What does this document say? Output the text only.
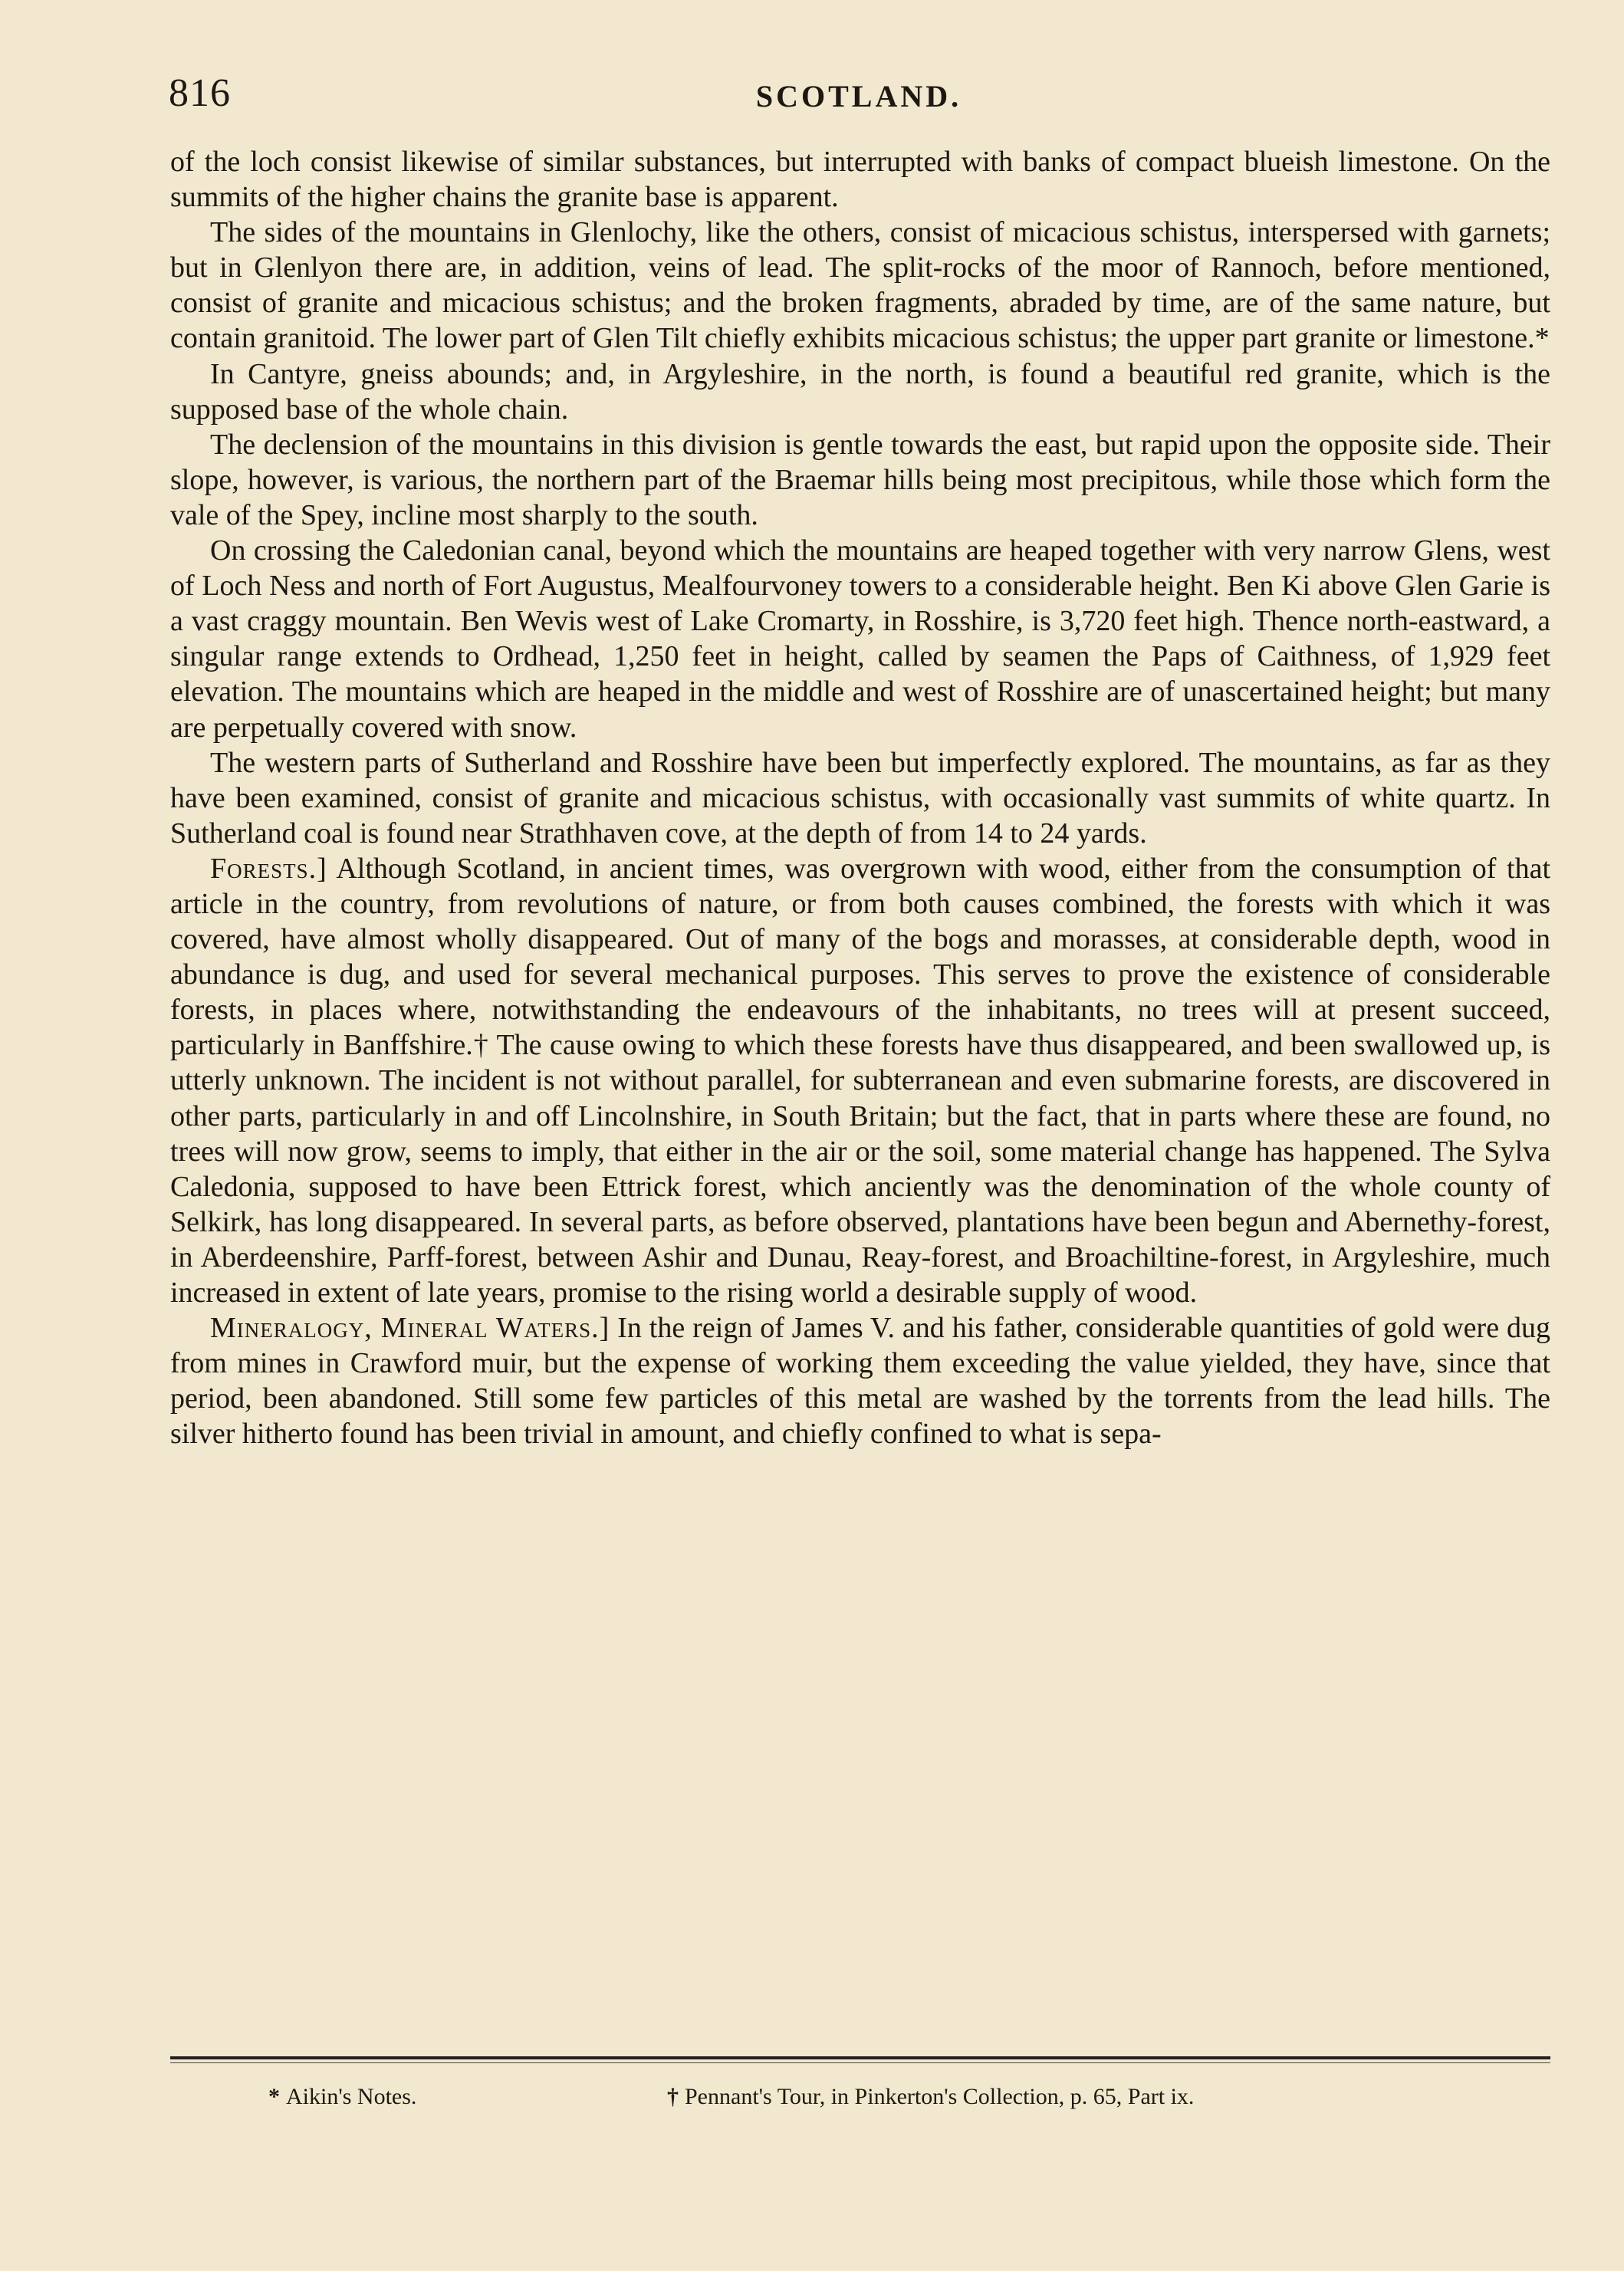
816	SCOTLAND.

of the loch consist likewise of similar substances, but interrupted with banks of compact blueish limestone. On the summits of the higher chains the granite base is apparent.

The sides of the mountains in Glenlochy, like the others, consist of micacious schistus, interspersed with garnets; but in Glenlyon there are, in addition, veins of lead. The split-rocks of the moor of Rannoch, before mentioned, consist of granite and micacious schistus; and the broken fragments, abraded by time, are of the same nature, but contain granitoid. The lower part of Glen Tilt chiefly exhibits micacious schistus; the upper part granite or limestone.*

In Cantyre, gneiss abounds; and, in Argyleshire, in the north, is found a beautiful red granite, which is the supposed base of the whole chain.

The declension of the mountains in this division is gentle towards the east, but rapid upon the opposite side. Their slope, however, is various, the northern part of the Braemar hills being most precipitous, while those which form the vale of the Spey, incline most sharply to the south.

On crossing the Caledonian canal, beyond which the mountains are heaped together with very narrow Glens, west of Loch Ness and north of Fort Augustus, Mealfourvoney towers to a considerable height. Ben Ki above Glen Garie is a vast craggy mountain. Ben Wevis west of Lake Cromarty, in Rosshire, is 3,720 feet high. Thence north-eastward, a singular range extends to Ordhead, 1,250 feet in height, called by seamen the Paps of Caithness, of 1,929 feet elevation. The mountains which are heaped in the middle and west of Rosshire are of unascertained height; but many are perpetually covered with snow.

The western parts of Sutherland and Rosshire have been but imperfectly explored. The mountains, as far as they have been examined, consist of granite and micacious schistus, with occasionally vast summits of white quartz. In Sutherland coal is found near Strathhaven cove, at the depth of from 14 to 24 yards.

Forests.] Although Scotland, in ancient times, was overgrown with wood, either from the consumption of that article in the country, from revolutions of nature, or from both causes combined, the forests with which it was covered, have almost wholly disappeared. Out of many of the bogs and morasses, at considerable depth, wood in abundance is dug, and used for several mechanical purposes. This serves to prove the existence of considerable forests, in places where, notwithstanding the endeavours of the inhabitants, no trees will at present succeed, particularly in Banffshire.† The cause owing to which these forests have thus disappeared, and been swallowed up, is utterly unknown. The incident is not without parallel, for subterranean and even submarine forests, are discovered in other parts, particularly in and off Lincolnshire, in South Britain; but the fact, that in parts where these are found, no trees will now grow, seems to imply, that either in the air or the soil, some material change has happened. The Sylva Caledonia, supposed to have been Ettrick forest, which anciently was the denomination of the whole county of Selkirk, has long disappeared. In several parts, as before observed, plantations have been begun and Abernethy-forest, in Aberdeenshire, Parff-forest, between Ashir and Dunau, Reay-forest, and Broachiltine-forest, in Argyleshire, much increased in extent of late years, promise to the rising world a desirable supply of wood.

Mineralogy, Mineral Waters.] In the reign of James V. and his father, considerable quantities of gold were dug from mines in Crawford muir, but the expense of working them exceeding the value yielded, they have, since that period, been abandoned. Still some few particles of this metal are washed by the torrents from the lead hills. The silver hitherto found has been trivial in amount, and chiefly confined to what is sepa-

* Aikin's Notes.	† Pennant's Tour, in Pinkerton's Collection, p. 65, Part ix.
